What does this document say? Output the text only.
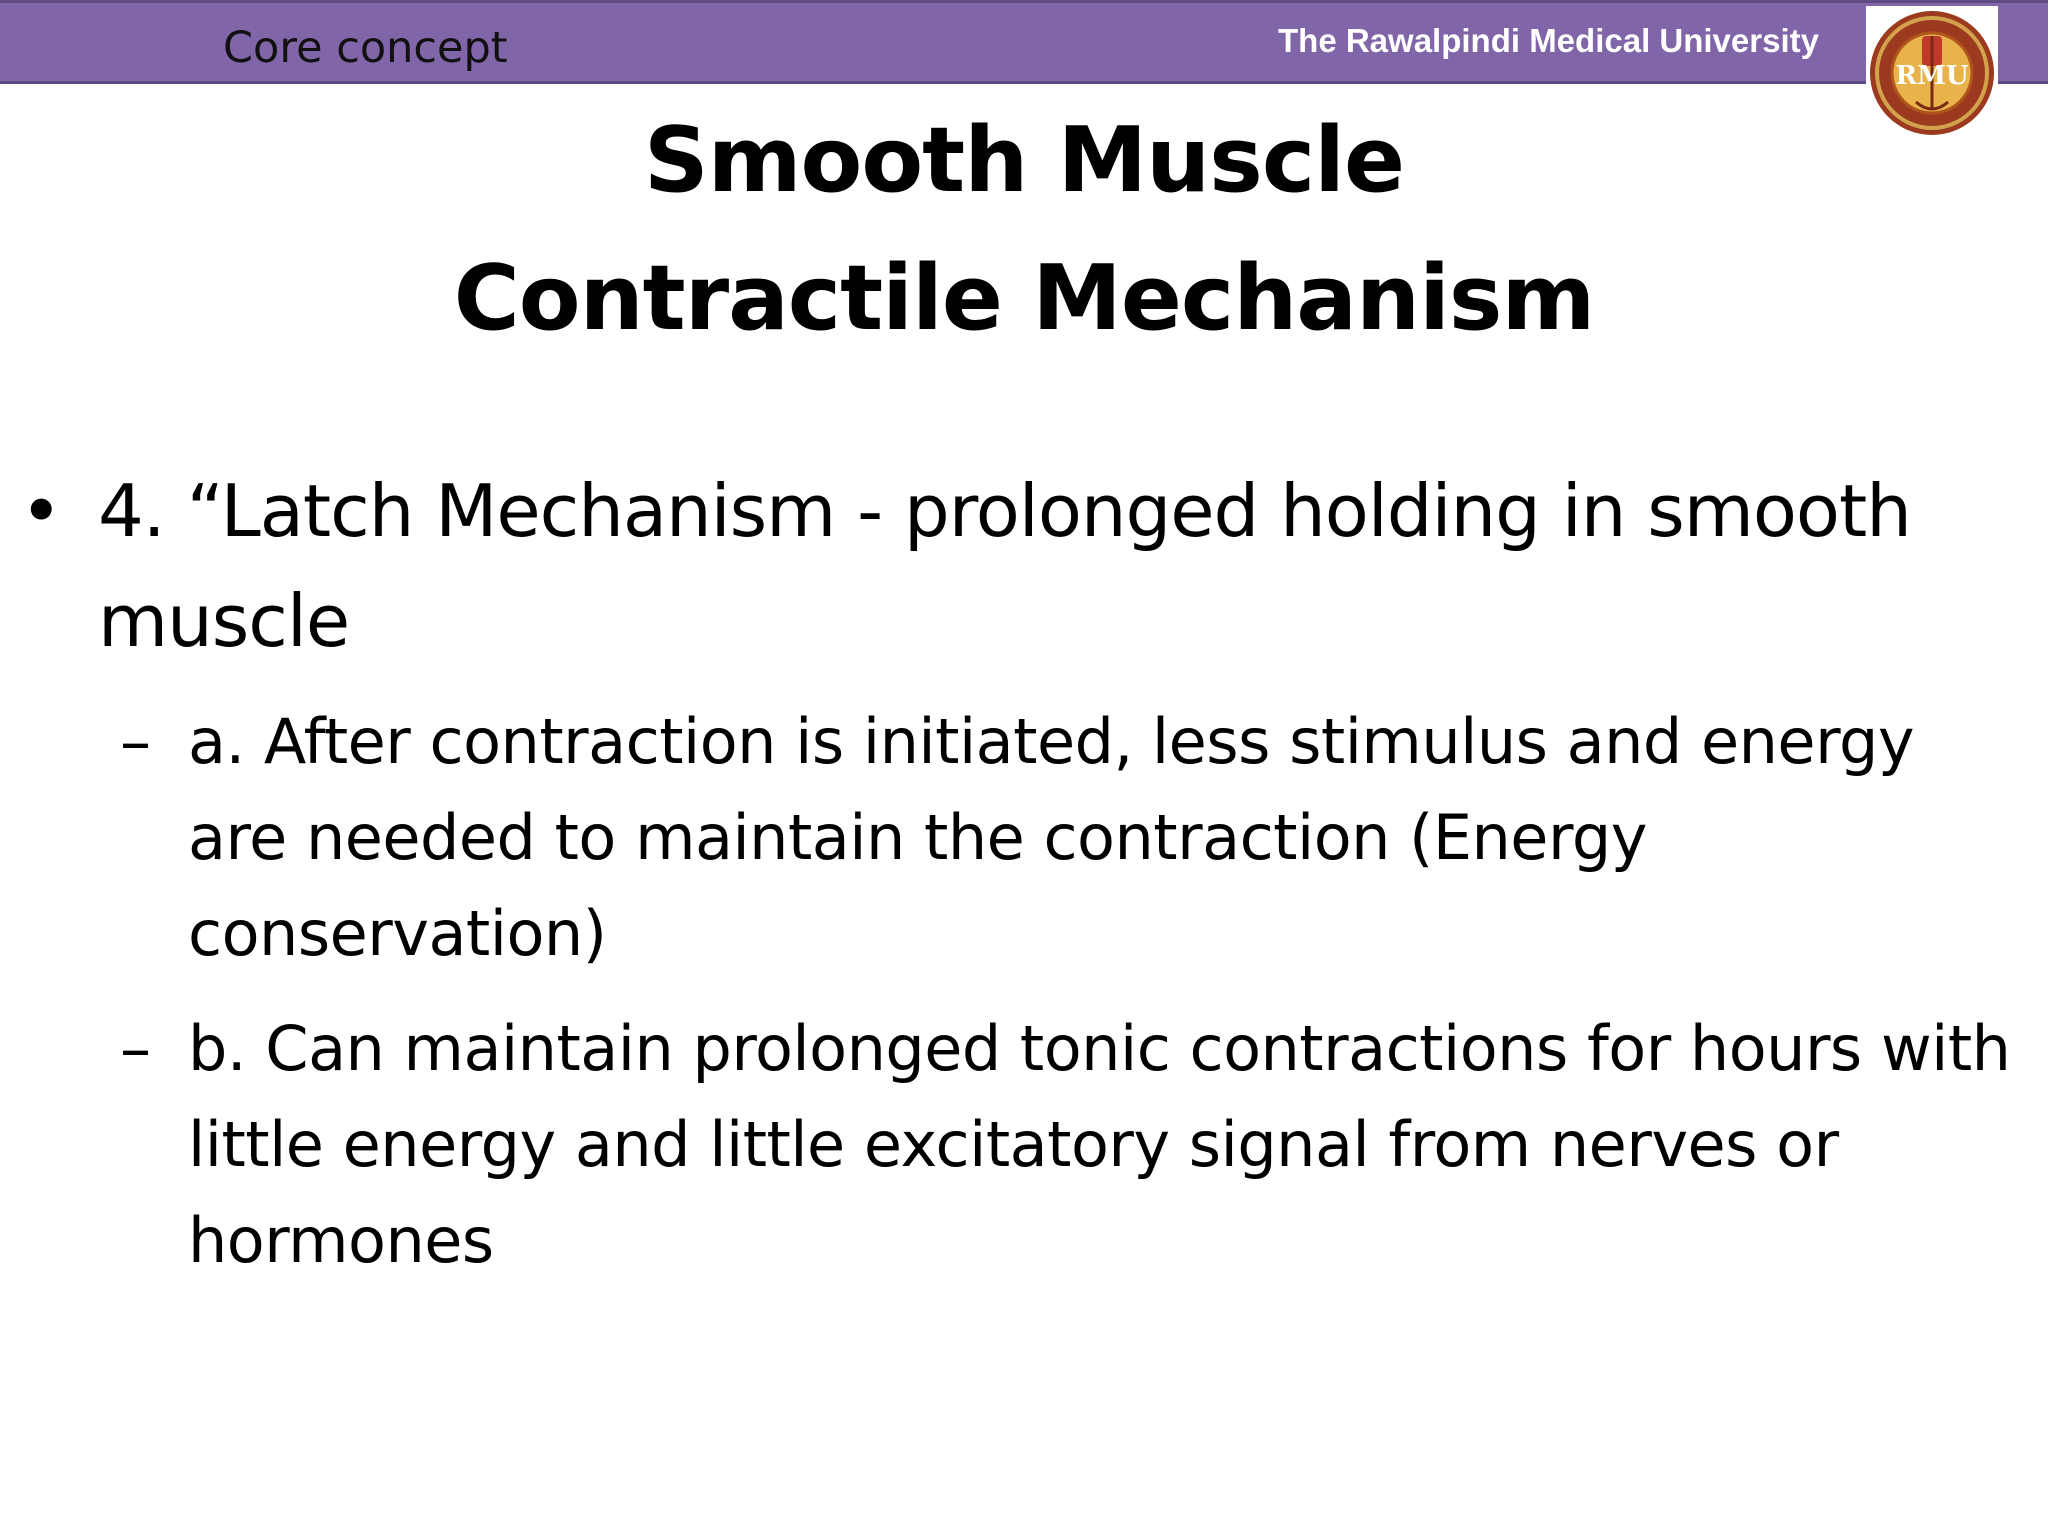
Core concept	The Rawalpindi Medical University
RMU
Smooth Muscle
Contractile Mechanism
• 4. “Latch Mechanism - prolonged holding in smooth muscle
– a. After contraction is initiated, less stimulus and energy are needed to maintain the contraction (Energy conservation)
– b. Can maintain prolonged tonic contractions for hours with little energy and little excitatory signal from nerves or hormones
